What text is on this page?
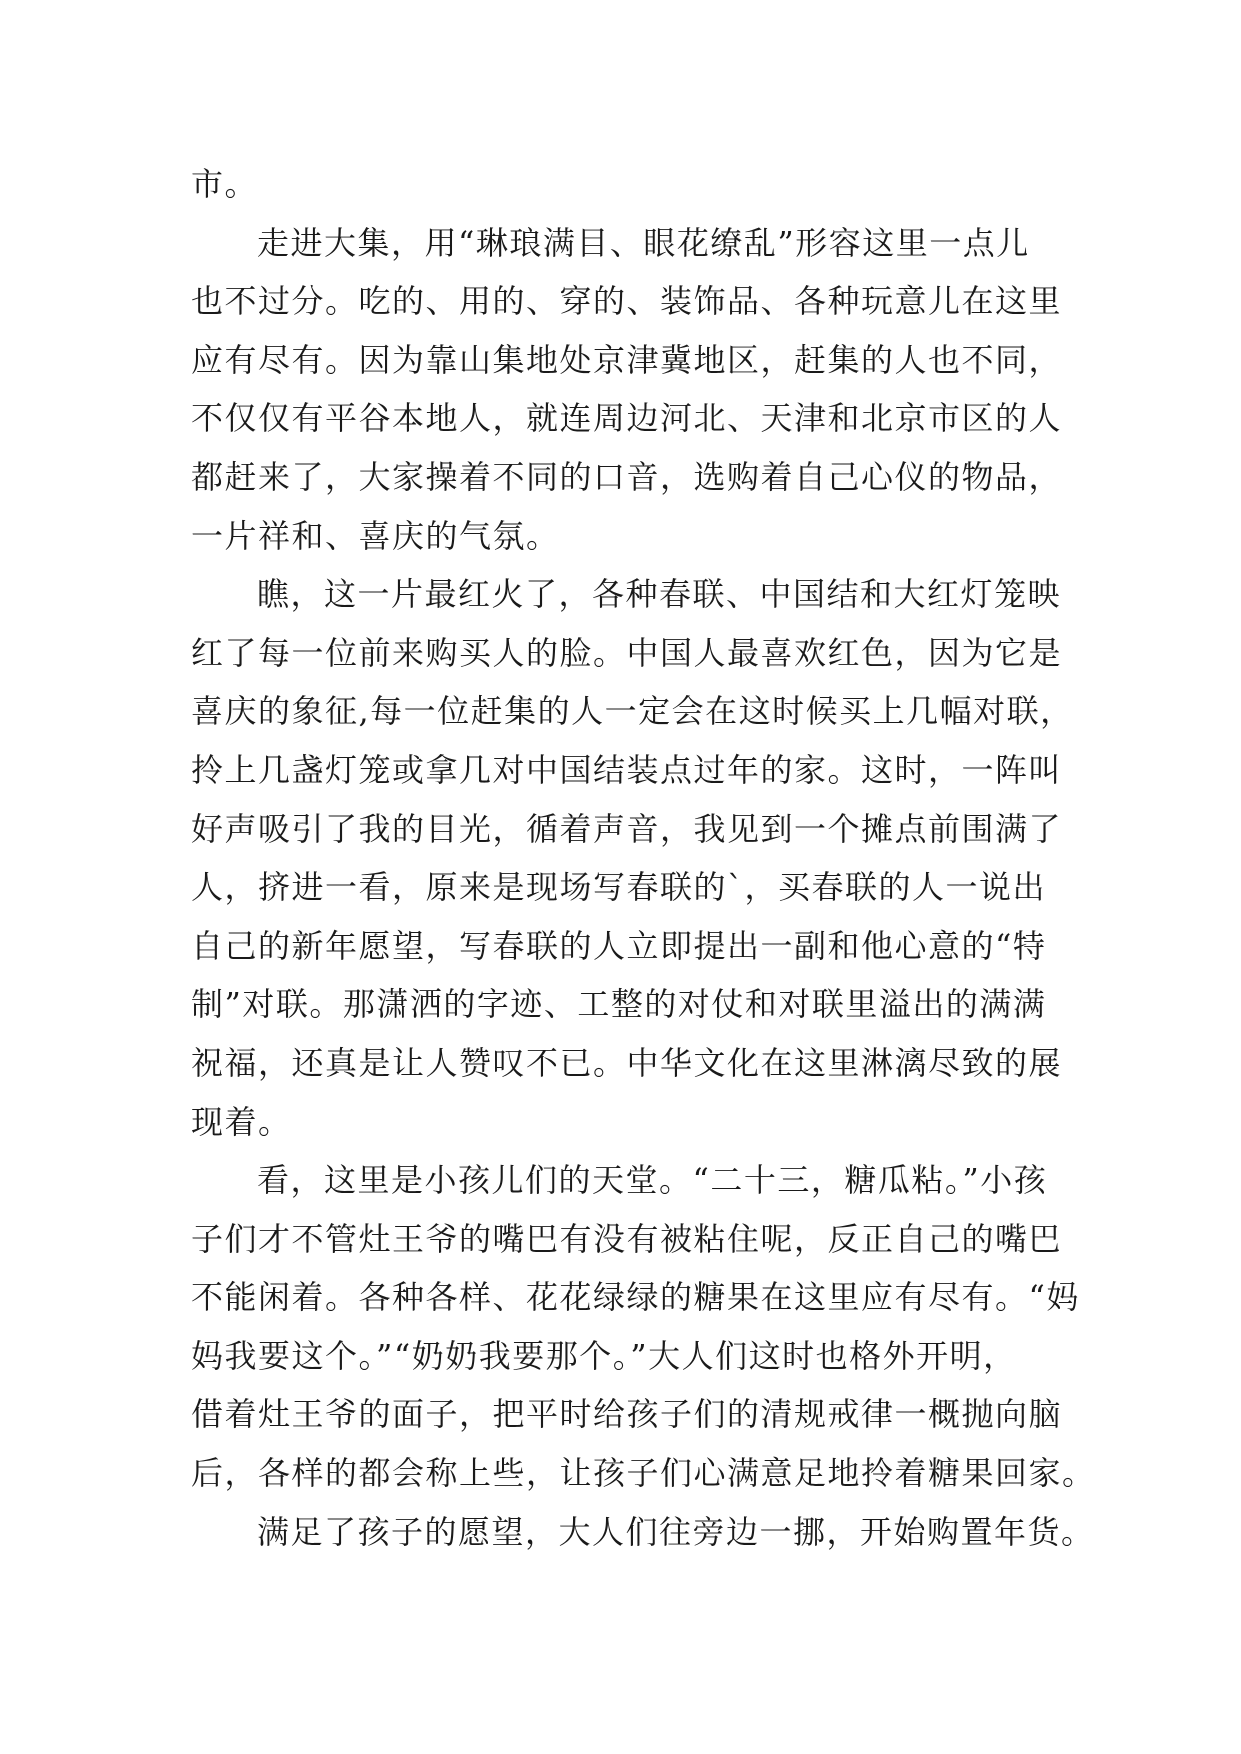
市。
走进大集，用“琳琅满目、眼花缭乱”形容这里一点儿
也不过分。吃的、用的、穿的、装饰品、各种玩意儿在这里
应有尽有。因为靠山集地处京津冀地区，赶集的人也不同，
不仅仅有平谷本地人，就连周边河北、天津和北京市区的人
都赶来了，大家操着不同的口音，选购着自己心仪的物品，
一片祥和、喜庆的气氛。
瞧，这一片最红火了，各种春联、中国结和大红灯笼映
红了每一位前来购买人的脸。中国人最喜欢红色，因为它是
喜庆的象征,每一位赶集的人一定会在这时候买上几幅对联，
拎上几盏灯笼或拿几对中国结装点过年的家。这时，一阵叫
好声吸引了我的目光，循着声音，我见到一个摊点前围满了
人，挤进一看，原来是现场写春联的`，买春联的人一说出
自己的新年愿望，写春联的人立即提出一副和他心意的“特
制”对联。那潇洒的字迹、工整的对仗和对联里溢出的满满
祝福，还真是让人赞叹不已。中华文化在这里淋漓尽致的展
现着。
看，这里是小孩儿们的天堂。“二十三，糖瓜粘。”小孩
子们才不管灶王爷的嘴巴有没有被粘住呢，反正自己的嘴巴
不能闲着。各种各样、花花绿绿的糖果在这里应有尽有。“妈
妈我要这个。”“奶奶我要那个。”大人们这时也格外开明，
借着灶王爷的面子，把平时给孩子们的清规戒律一概抛向脑
后，各样的都会称上些，让孩子们心满意足地拎着糖果回家。
满足了孩子的愿望，大人们往旁边一挪，开始购置年货。
